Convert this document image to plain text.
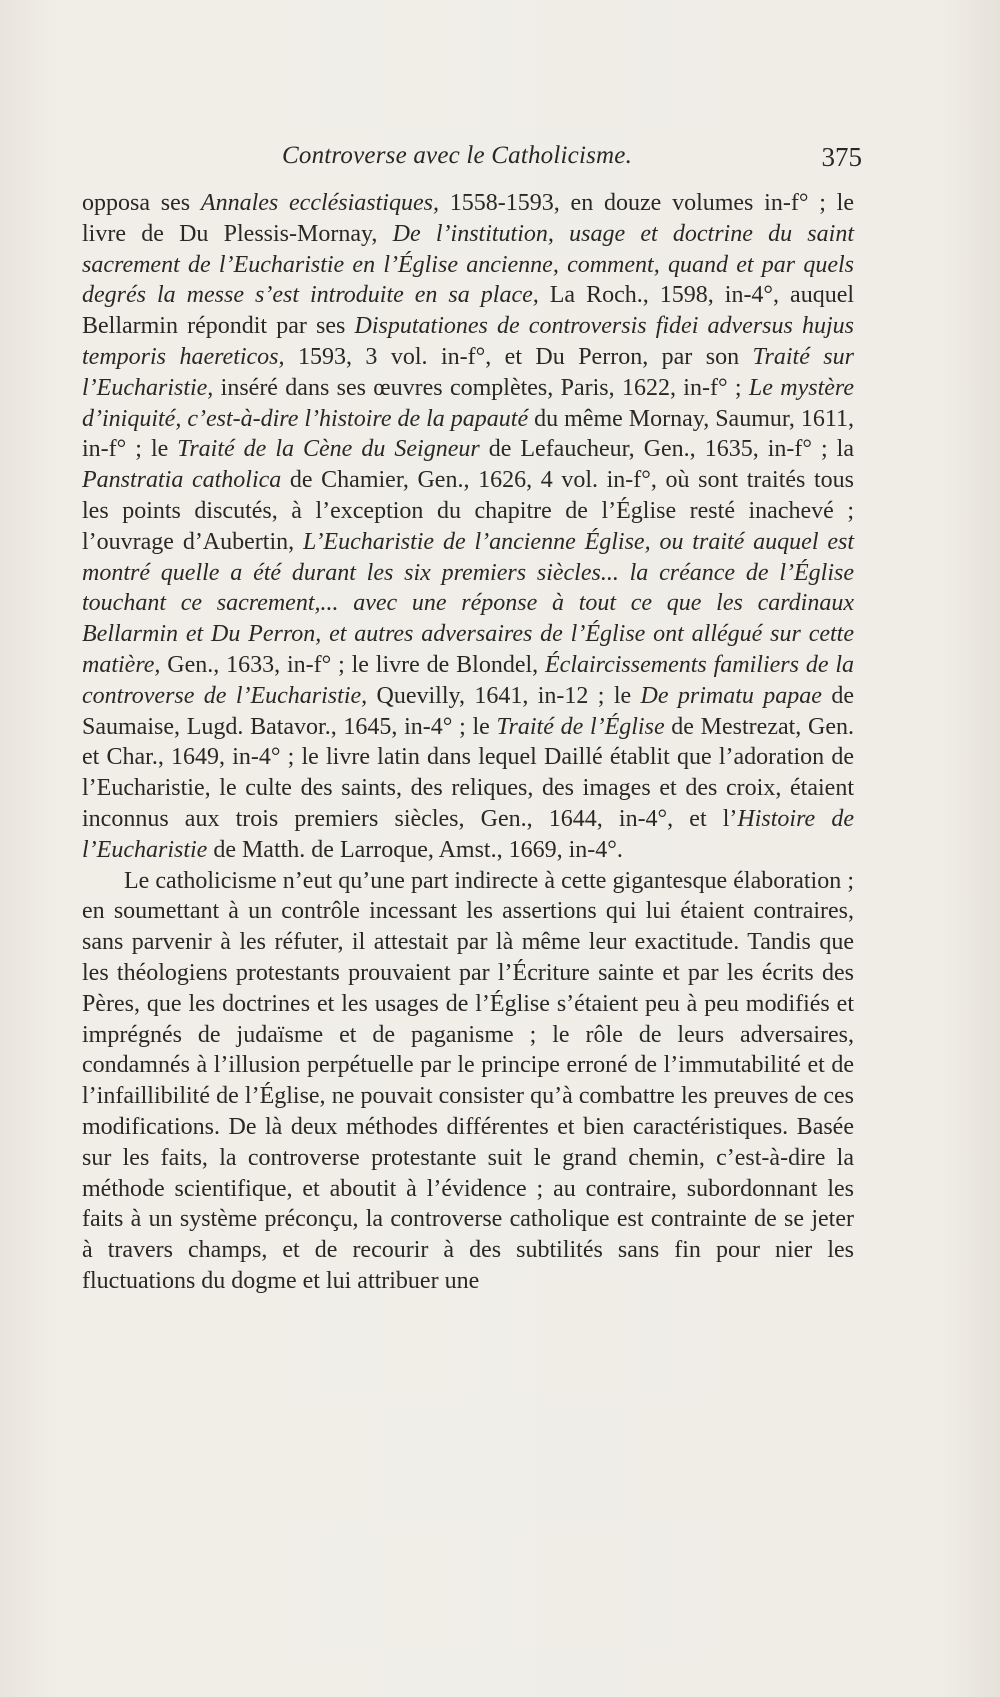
Controverse avec le Catholicisme.	375

opposa ses Annales ecclésiastiques, 1558-1593, en douze volumes in-f° ; le livre de Du Plessis-Mornay, De l’institution, usage et doctrine du saint sacrement de l’Eucharistie en l’Église ancienne, comment, quand et par quels degrés la messe s’est introduite en sa place, La Roch., 1598, in-4°, auquel Bellarmin répondit par ses Disputationes de controversis fidei adversus hujus temporis haereticos, 1593, 3 vol. in-f°, et Du Perron, par son Traité sur l’Eucharistie, inséré dans ses œuvres complètes, Paris, 1622, in-f° ; Le mystère d’iniquité, c’est-à-dire l’histoire de la papauté du même Mornay, Saumur, 1611, in-f° ; le Traité de la Cène du Seigneur de Lefaucheur, Gen., 1635, in-f° ; la Panstratia catholica de Chamier, Gen., 1626, 4 vol. in-f°, où sont traités tous les points discutés, à l’exception du chapitre de l’Église resté inachevé ; l’ouvrage d’Aubertin, L’Eucharistie de l’ancienne Église, ou traité auquel est montré quelle a été durant les six premiers siècles... la créance de l’Église touchant ce sacrement,... avec une réponse à tout ce que les cardinaux Bellarmin et Du Perron, et autres adversaires de l’Église ont allégué sur cette matière, Gen., 1633, in-f° ; le livre de Blondel, Éclaircissements familiers de la controverse de l’Eucharistie, Quevilly, 1641, in-12 ; le De primatu papae de Saumaise, Lugd. Batavor., 1645, in-4° ; le Traité de l’Église de Mestrezat, Gen. et Char., 1649, in-4° ; le livre latin dans lequel Daillé établit que l’adoration de l’Eucharistie, le culte des saints, des reliques, des images et des croix, étaient inconnus aux trois premiers siècles, Gen., 1644, in-4°, et l’Histoire de l’Eucharistie de Matth. de Larroque, Amst., 1669, in-4°.

Le catholicisme n’eut qu’une part indirecte à cette gigantesque élaboration ; en soumettant à un contrôle incessant les assertions qui lui étaient contraires, sans parvenir à les réfuter, il attestait par là même leur exactitude. Tandis que les théologiens protestants prouvaient par l’Écriture sainte et par les écrits des Pères, que les doctrines et les usages de l’Église s’étaient peu à peu modifiés et imprégnés de judaïsme et de paganisme ; le rôle de leurs adversaires, condamnés à l’illusion perpétuelle par le principe erroné de l’immutabilité et de l’infaillibilité de l’Église, ne pouvait consister qu’à combattre les preuves de ces modifications. De là deux méthodes différentes et bien caractéristiques. Basée sur les faits, la controverse protestante suit le grand chemin, c’est-à-dire la méthode scientifique, et aboutit à l’évidence ; au contraire, subordonnant les faits à un système préconçu, la controverse catholique est contrainte de se jeter à travers champs, et de recourir à des subtilités sans fin pour nier les fluctuations du dogme et lui attribuer une
